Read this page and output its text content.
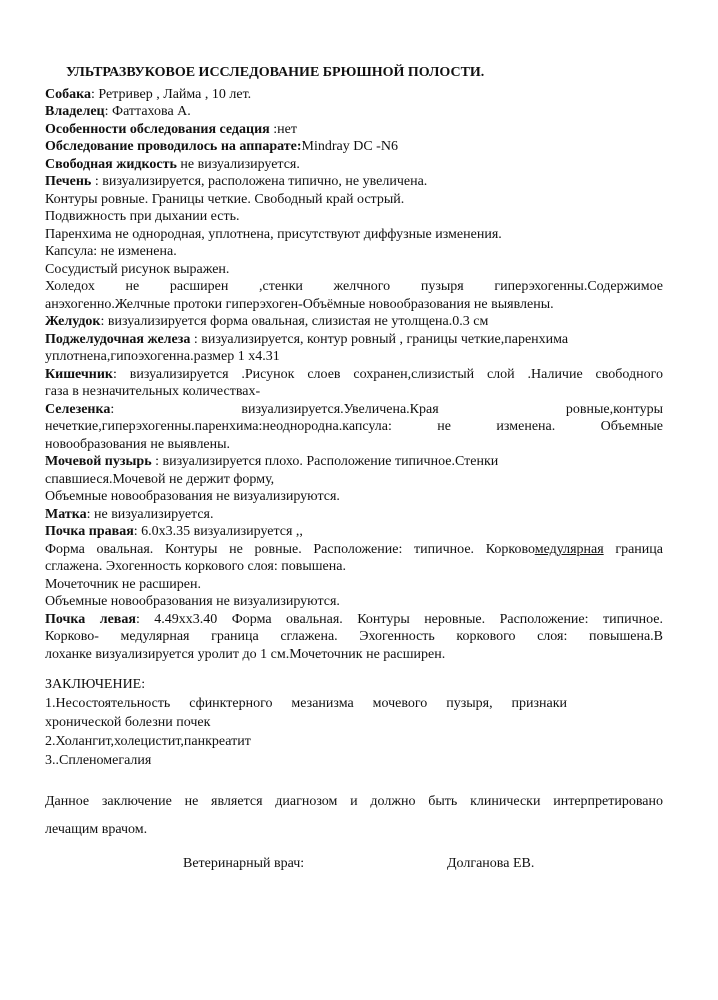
УЛЬТРАЗВУКОВОЕ ИССЛЕДОВАНИЕ БРЮШНОЙ ПОЛОСТИ.
Собака: Ретривер , Лайма , 10 лет.
Владелец: Фаттахова А.
Особенности обследования седация :нет
Обследование проводилось на аппарате:Mindray DC -N6
Свободная жидкость не визуализируется.
Печень : визуализируется, расположена типично, не увеличена.
Контуры ровные. Границы четкие. Свободный край острый.
Подвижность при дыхании есть.
Паренхима не однородная, уплотнена, присутствуют диффузные изменения.
Капсула: не изменена.
Сосудистый рисунок выражен.
Холедох не расширен ,стенки желчного пузыря гиперэхогенны.Содержимое
анэхогенно.Желчные протоки гиперэхоген-Объёмные новообразования не выявлены.
Желудок: визуализируется форма овальная, слизистая не утолщена.0.3 см
Поджелудочная железа : визуализируется, контур ровный , границы четкие,паренхима
уплотнена,гипоэхогенна.размер 1 х4.31
Кишечник: визуализируется .Рисунок слоев сохранен,слизистый слой .Наличие свободного
газа в незначительных количествах-
Селезенка: визуализируется.Увеличена.Края ровные,контуры
нечеткие,гиперэхогенны.паренхима:неоднородна.капсула: не изменена. Объемные
новообразования не выявлены.
Мочевой пузырь : визуализируется плохо. Расположение типичное.Стенки
спавшиеся.Мочевой не держит форму,
Объемные новообразования не визуализируются.
Матка: не визуализируется.
Почка правая: 6.0х3.35 визуализируется ,,
Форма овальная. Контуры не ровные. Расположение: типичное. Корковомедулярная граница
сглажена. Эхогенность коркового слоя: повышена.
Мочеточник не расширен.
Объемные новообразования не визуализируются.
Почка левая: 4.49хх3.40 Форма овальная. Контуры неровные. Расположение: типичное.
Корково- медулярная граница сглажена. Эхогенность коркового слоя: повышена.В
лоханке визуализируется уролит до 1 см.Мочеточник не расширен.
ЗАКЛЮЧЕНИЕ:
1.Несостоятельность сфинктерного мезанизма мочевого пузыря, признаки
хронической болезни почек
2.Холангит,холецистит,панкреатит
3..Спленомегалия
Данное заключение не является диагнозом и должно быть клинически интерпретировано
лечащим врачом.
Ветеринарный врач:	Долганова ЕВ.
